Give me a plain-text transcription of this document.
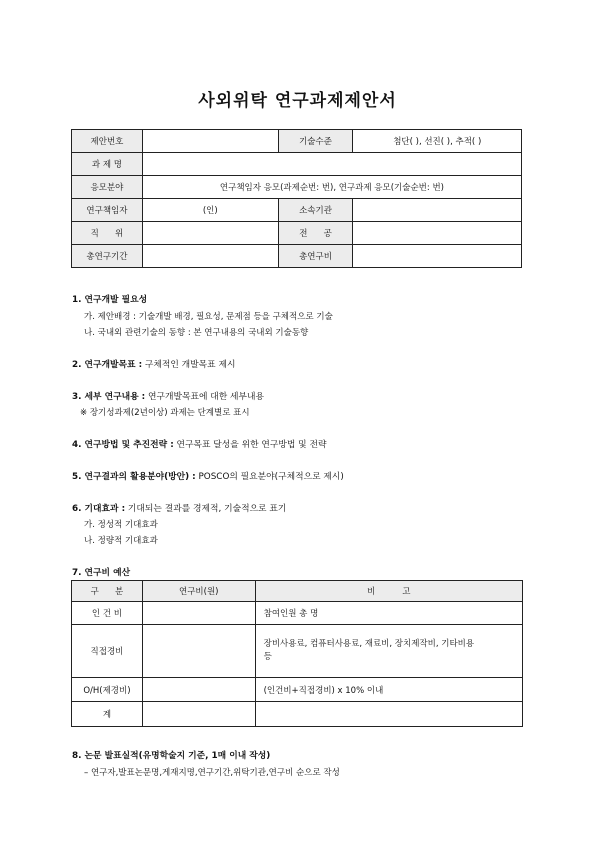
사외위탁 연구과제제안서
제안번호		기술수준	첨단( ), 선진( ), 추적( )
과 제 명			
응모분야	연구책임자 응모(과제순번: 번), 연구과제 응모(기술순번: 번)		
연구책임자	(인)	소속기관	
직      위		전      공	
총연구기간		총연구비	
1. 연구개발 필요성
가. 제안배경 : 기술개발 배경, 필요성, 문제점 등을 구체적으로 기술
나. 국내외 관련기술의 동향 : 본 연구내용의 국내외 기술동향
2. 연구개발목표 : 구체적인 개발목표 제시
3. 세부 연구내용 : 연구개발목표에 대한 세부내용
※ 장기성과제(2년이상) 과제는 단계별로 표시
4. 연구방법 및 추진전략 : 연구목표 달성을 위한 연구방법 및 전략
5. 연구결과의 활용분야(방안) : POSCO의 필요분야(구체적으로 제시)
6. 기대효과 : 기대되는 결과를 경제적, 기술적으로 표기
가. 정성적 기대효과
나. 정량적 기대효과
7. 연구비 예산
구      분	연구비(원)	비          고
인 건 비		참여인원 총 명
직접경비		장비사용료, 컴퓨터사용료, 재료비, 장치제작비, 기타비용 등
O/H(제경비)		(인건비+직접경비) x 10% 이내
계		
8. 논문 발표실적(유명학술지 기준, 1매 이내 작성)
– 연구자,발표논문명,게재지명,연구기간,위탁기관,연구비 순으로 작성
